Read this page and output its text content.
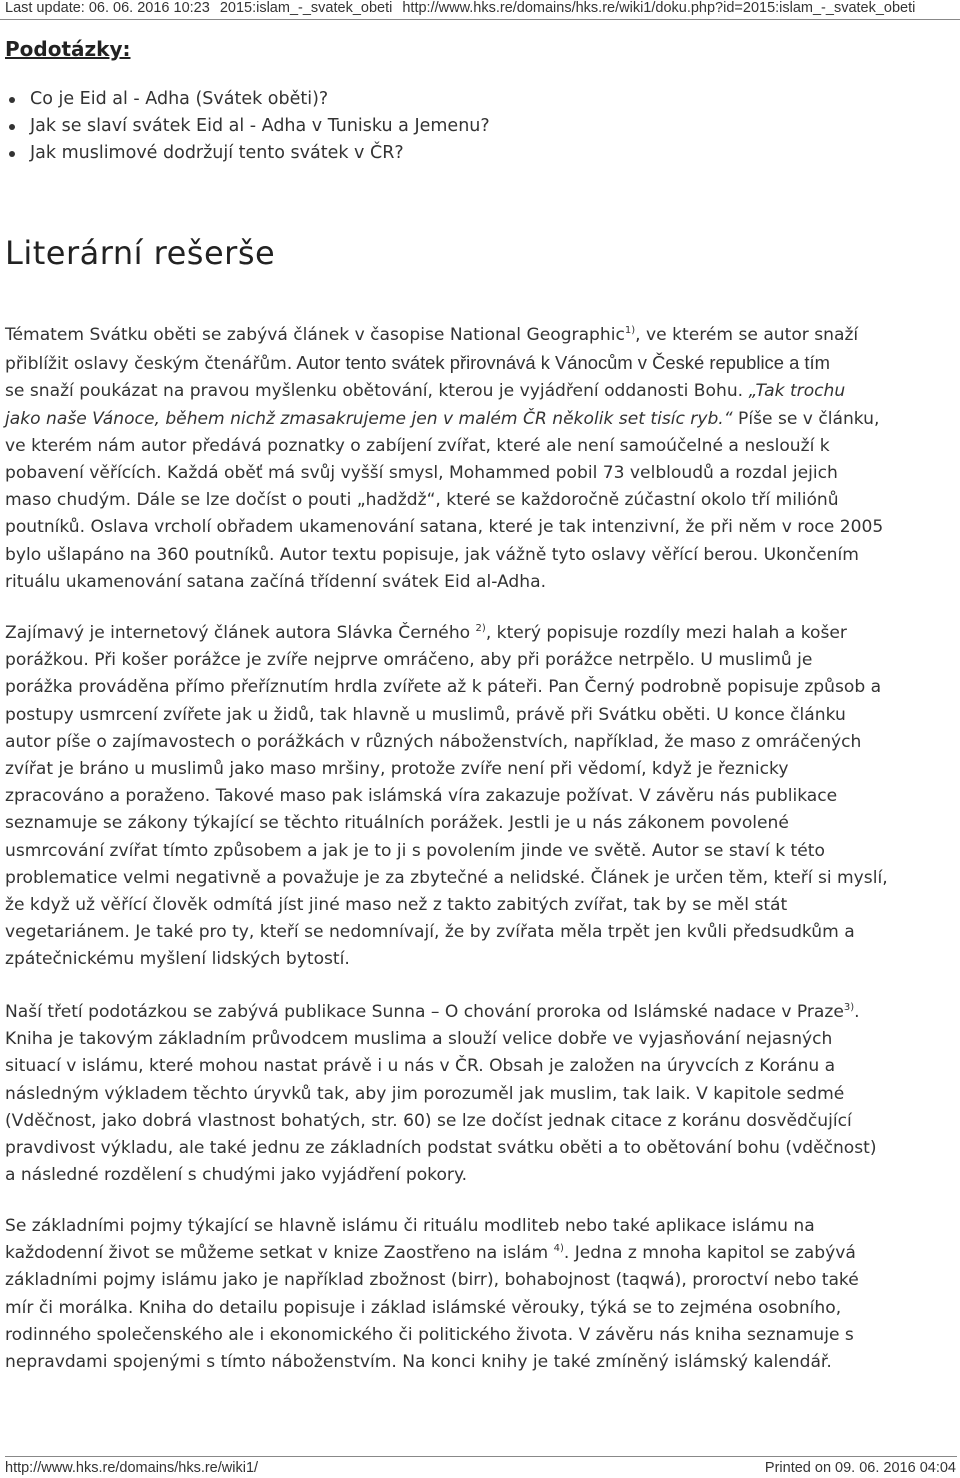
Last update: 06. 06. 2016 10:23 2015:islam_-_svatek_obeti http://www.hks.re/domains/hks.re/wiki1/doku.php?id=2015:islam_-_svatek_obeti
Podotázky:
Co je Eid al - Adha (Svátek oběti)?
Jak se slaví svátek Eid al - Adha v Tunisku a Jemenu?
Jak muslimové dodržují tento svátek v ČR?
Literární rešerše
Tématem Svátku oběti se zabývá článek v časopise National Geographic$^{1)}$, ve kterém se autor snaží
přiblížit oslavy českým čtenářům. Autor tento svátek přirovnává k Vánocům v České republice a tím
se snaží poukázat na pravou myšlenku obětování, kterou je vyjádření oddanosti Bohu. „Tak trochu
jako naše Vánoce, během nichž zmasakrujeme jen v malém ČR několik set tisíc ryb.“ Píše se v článku,
ve kterém nám autor předává poznatky o zabíjení zvířat, které ale není samoúčelné a neslouží k
pobavení věřících. Každá oběť má svůj vyšší smysl, Mohammed pobil 73 velbloudů a rozdal jejich
maso chudým. Dále se lze dočíst o pouti „hadždž“, které se každoročně zúčastní okolo tří miliónů
poutníků. Oslava vrcholí obřadem ukamenování satana, které je tak intenzivní, že při něm v roce 2005
bylo ušlapáno na 360 poutníků. Autor textu popisuje, jak vážně tyto oslavy věřící berou. Ukončením
rituálu ukamenování satana začíná třídenní svátek Eid al-Adha.
Zajímavý je internetový článek autora Slávka Černého $^{2)}$, který popisuje rozdíly mezi halah a košer
porážkou. Při košer porážce je zvíře nejprve omráčeno, aby při porážce netrpělo. U muslimů je
porážka prováděna přímo přeříznutím hrdla zvířete až k páteři. Pan Černý podrobně popisuje způsob a
postupy usmrcení zvířete jak u židů, tak hlavně u muslimů, právě při Svátku oběti. U konce článku
autor píše o zajímavostech o porážkách v různých náboženstvích, například, že maso z omráčených
zvířat je bráno u muslimů jako maso mršiny, protože zvíře není při vědomí, když je řeznicky
zpracováno a poraženo. Takové maso pak islámská víra zakazuje požívat. V závěru nás publikace
seznamuje se zákony týkající se těchto rituálních porážek. Jestli je u nás zákonem povolené
usmrcování zvířat tímto způsobem a jak je to ji s povolením jinde ve světě. Autor se staví k této
problematice velmi negativně a považuje je za zbytečné a nelidské. Článek je určen těm, kteří si myslí,
že když už věřící člověk odmítá jíst jiné maso než z takto zabitých zvířat, tak by se měl stát
vegetariánem. Je také pro ty, kteří se nedomnívají, že by zvířata měla trpět jen kvůli předsudkům a
zpátečnickému myšlení lidských bytostí.
Naší třetí podotázkou se zabývá publikace Sunna – O chování proroka od Islámské nadace v Praze$^{3)}$.
Kniha je takovým základním průvodcem muslima a slouží velice dobře ve vyjasňování nejasných
situací v islámu, které mohou nastat právě i u nás v ČR. Obsah je založen na úryvcích z Koránu a
následným výkladem těchto úryvků tak, aby jim porozuměl jak muslim, tak laik. V kapitole sedmé
(Vděčnost, jako dobrá vlastnost bohatých, str. 60) se lze dočíst jednak citace z koránu dosvědčující
pravdivost výkladu, ale také jednu ze základních podstat svátku oběti a to obětování bohu (vděčnost)
a následné rozdělení s chudými jako vyjádření pokory.
Se základními pojmy týkající se hlavně islámu či rituálu modliteb nebo také aplikace islámu na
každodenní život se můžeme setkat v knize Zaostřeno na islám $^{4)}$. Jedna z mnoha kapitol se zabývá
základními pojmy islámu jako je například zbožnost (birr), bohabojnost (taqwá), proroctví nebo také
mír či morálka. Kniha do detailu popisuje i základ islámské věrouky, týká se to zejména osobního,
rodinného společenského ale i ekonomického či politického života. V závěru nás kniha seznamuje s
nepravdami spojenými s tímto náboženstvím. Na konci knihy je také zmíněný islámský kalendář.
http://www.hks.re/domains/hks.re/wiki1/	Printed on 09. 06. 2016 04:04
